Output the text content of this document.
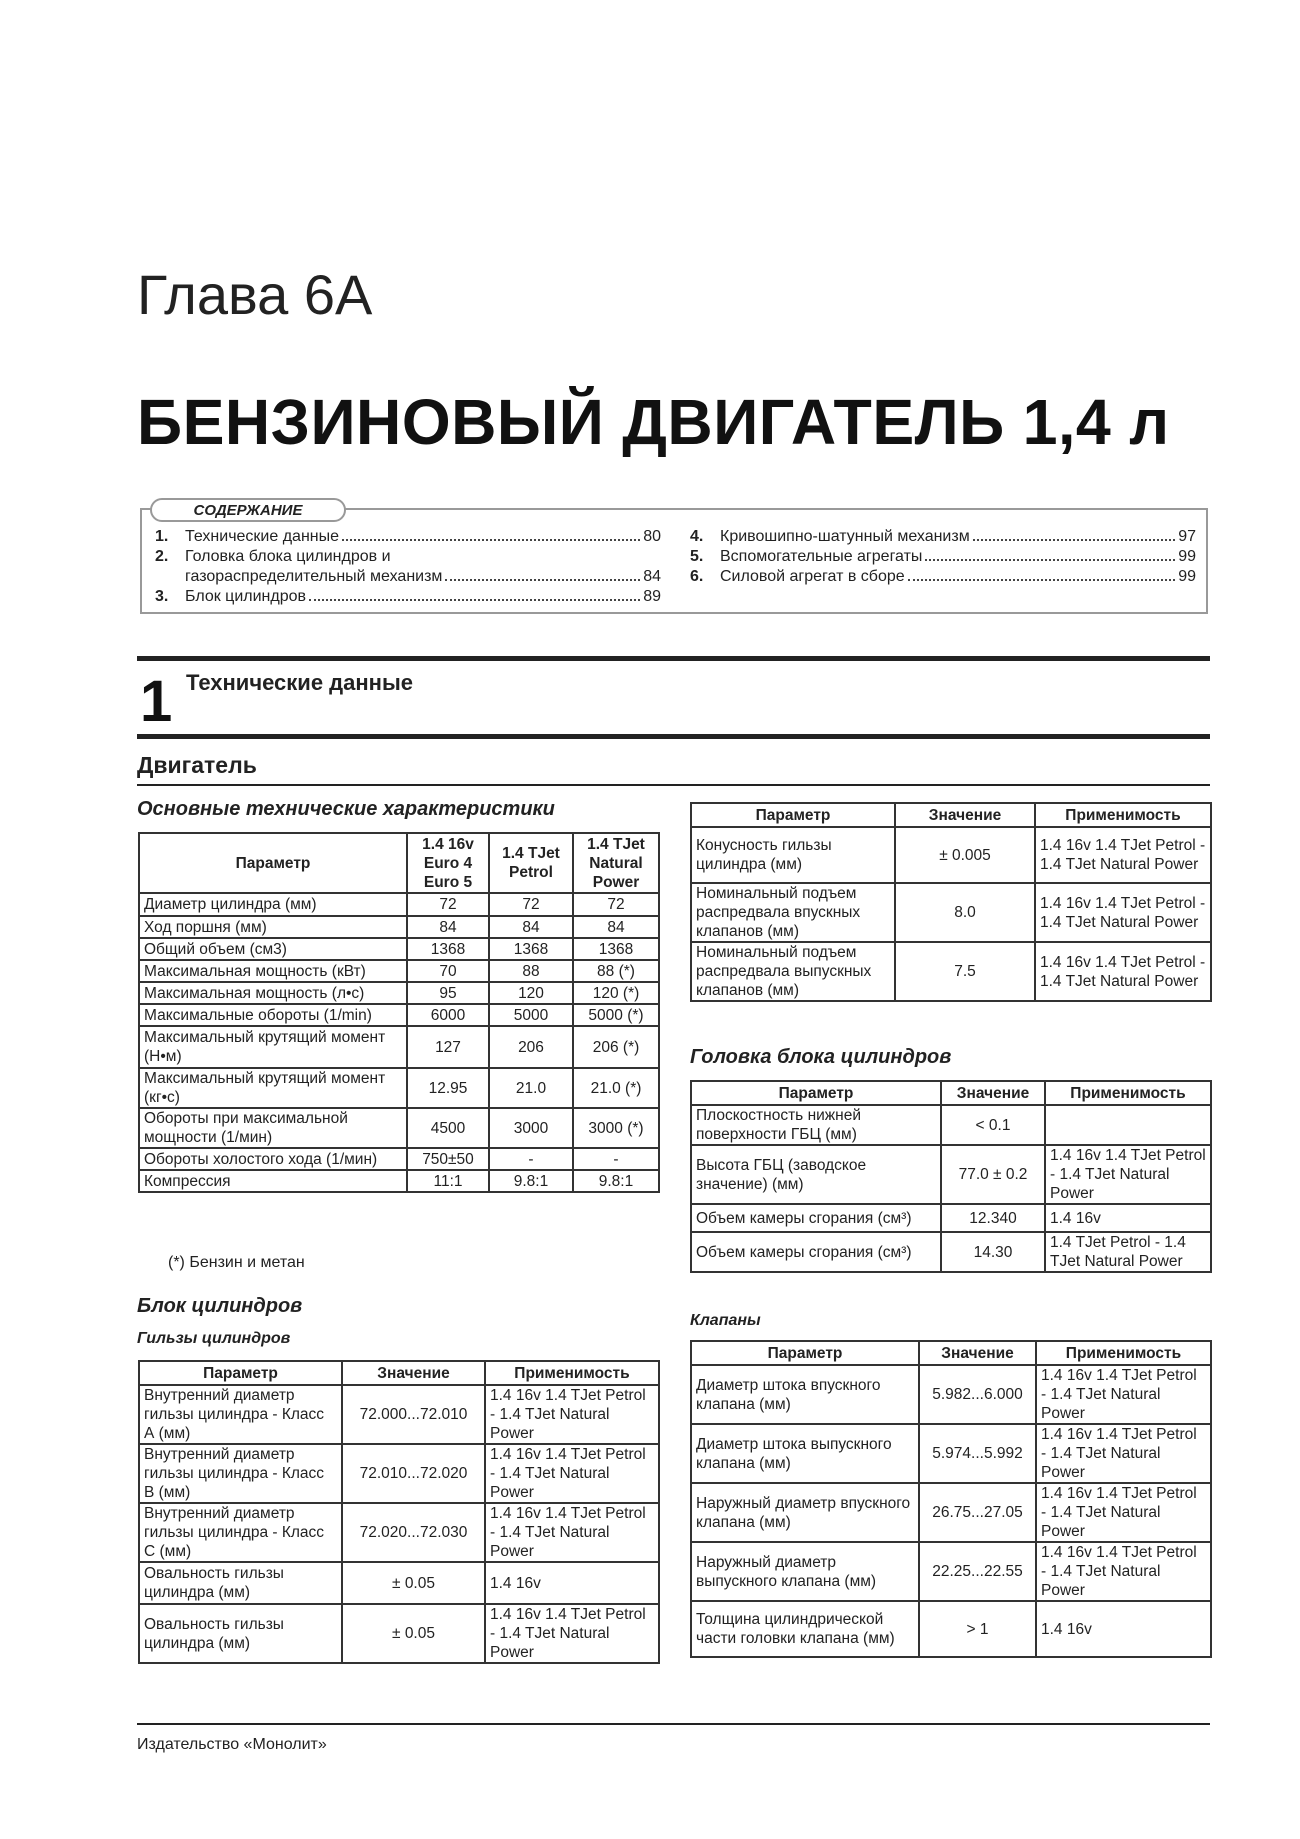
Глава 6А
БЕНЗИНОВЫЙ ДВИГАТЕЛЬ 1,4 л
СОДЕРЖАНИЕ
1.	Технические данные	80
2.	Головка блока цилиндров и
газораспределительный механизм	84
3.	Блок цилиндров	89
4.	Кривошипно-шатунный механизм	97
5.	Вспомогательные агрегаты	99
6.	Силовой агрегат в сборе	99
1 Технические данные
Двигатель
Основные технические характеристики
Параметр	1.4 16v Euro 4 Euro 5	1.4 TJet Petrol	1.4 TJet Natural Power
Диаметр цилиндра (мм)	72	72	72
Ход поршня (мм)	84	84	84
Общий объем (см3)	1368	1368	1368
Максимальная мощность (кВт)	70	88	88 (*)
Максимальная мощность (л•с)	95	120	120 (*)
Максимальные обороты (1/min)	6000	5000	5000 (*)
Максимальный крутящий момент (Н•м)	127	206	206 (*)
Максимальный крутящий момент (кг•с)	12.95	21.0	21.0 (*)
Обороты при максимальной мощности (1/мин)	4500	3000	3000 (*)
Обороты холостого хода (1/мин)	750±50	-	-
Компрессия	11:1	9.8:1	9.8:1
(*) Бензин и метан
Блок цилиндров
Гильзы цилиндров
Параметр	Значение	Применимость
Внутренний диаметр гильзы цилиндра - Класс А (мм)	72.000...72.010	1.4 16v 1.4 TJet Petrol - 1.4 TJet Natural Power
Внутренний диаметр гильзы цилиндра - Класс В (мм)	72.010...72.020	1.4 16v 1.4 TJet Petrol - 1.4 TJet Natural Power
Внутренний диаметр гильзы цилиндра - Класс С (мм)	72.020...72.030	1.4 16v 1.4 TJet Petrol - 1.4 TJet Natural Power
Овальность гильзы цилиндра (мм)	± 0.05	1.4 16v
Овальность гильзы цилиндра (мм)	± 0.05	1.4 16v 1.4 TJet Petrol - 1.4 TJet Natural Power
Параметр	Значение	Применимость
Конусность гильзы цилиндра (мм)	± 0.005	1.4 16v 1.4 TJet Petrol - 1.4 TJet Natural Power
Номинальный подъем распредвала впускных клапанов (мм)	8.0	1.4 16v 1.4 TJet Petrol - 1.4 TJet Natural Power
Номинальный подъем распредвала выпускных клапанов (мм)	7.5	1.4 16v 1.4 TJet Petrol - 1.4 TJet Natural Power
Головка блока цилиндров
Параметр	Значение	Применимость
Плоскостность нижней поверхности ГБЦ (мм)	< 0.1	
Высота ГБЦ (заводское значение) (мм)	77.0 ± 0.2	1.4 16v 1.4 TJet Petrol - 1.4 TJet Natural Power
Объем камеры сгорания (см³)	12.340	1.4 16v
Объем камеры сгорания (см³)	14.30	1.4 TJet Petrol - 1.4 TJet Natural Power
Клапаны
Параметр	Значение	Применимость
Диаметр штока впускного клапана (мм)	5.982...6.000	1.4 16v 1.4 TJet Petrol - 1.4 TJet Natural Power
Диаметр штока выпускного клапана (мм)	5.974...5.992	1.4 16v 1.4 TJet Petrol - 1.4 TJet Natural Power
Наружный диаметр впускного клапана (мм)	26.75...27.05	1.4 16v 1.4 TJet Petrol - 1.4 TJet Natural Power
Наружный диаметр выпускного клапана (мм)	22.25...22.55	1.4 16v 1.4 TJet Petrol - 1.4 TJet Natural Power
Толщина цилиндрической части головки клапана (мм)	> 1	1.4 16v
Издательство «Монолит»
